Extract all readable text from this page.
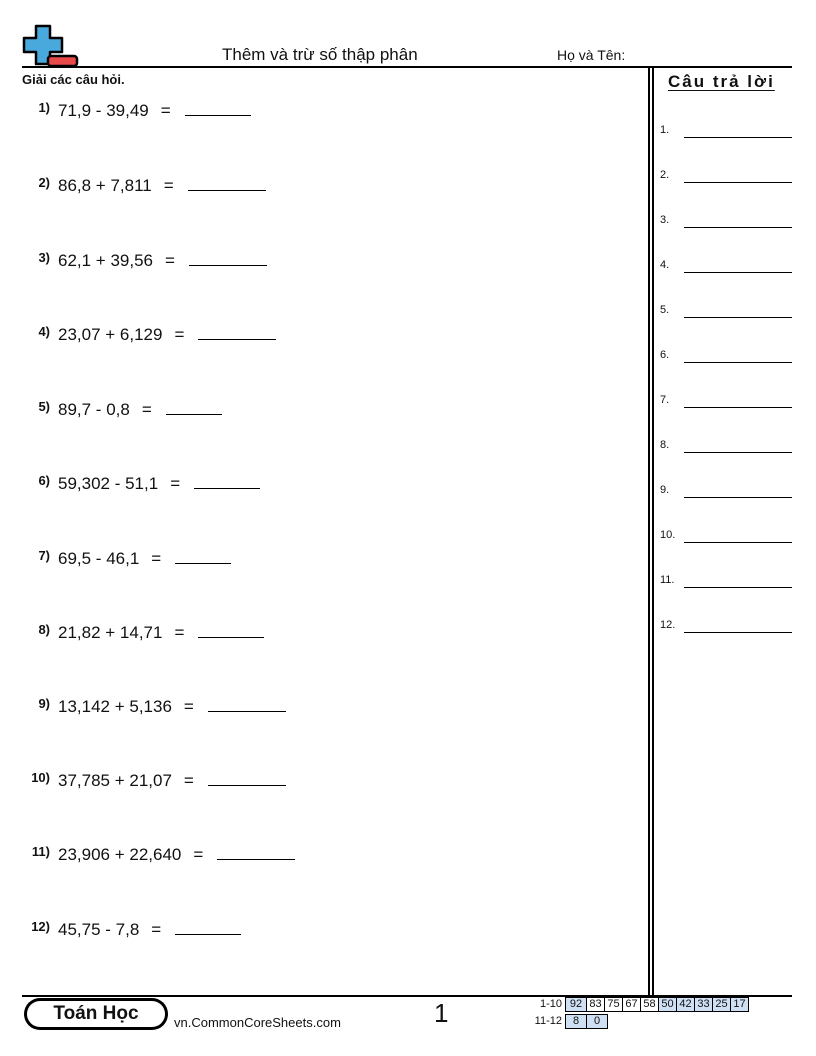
Thêm và trừ số thập phân	Họ và Tên:
Giải các câu hỏi.	Câu trả lời
1) 71,9 - 39,49 =
2) 86,8 + 7,811 =
3) 62,1 + 39,56 =
4) 23,07 + 6,129 =
5) 89,7 - 0,8 =
6) 59,302 - 51,1 =
7) 69,5 - 46,1 =
8) 21,82 + 14,71 =
9) 13,142 + 5,136 =
10) 37,785 + 21,07 =
11) 23,906 + 22,640 =
12) 45,75 - 7,8 =
1.
2.
3.
4.
5.
6.
7.
8.
9.
10.
11.
12.
Toán Học	vn.CommonCoreSheets.com	1	1-10 92 83 75 67 58 50 42 33 25 17
11-12 8	0
